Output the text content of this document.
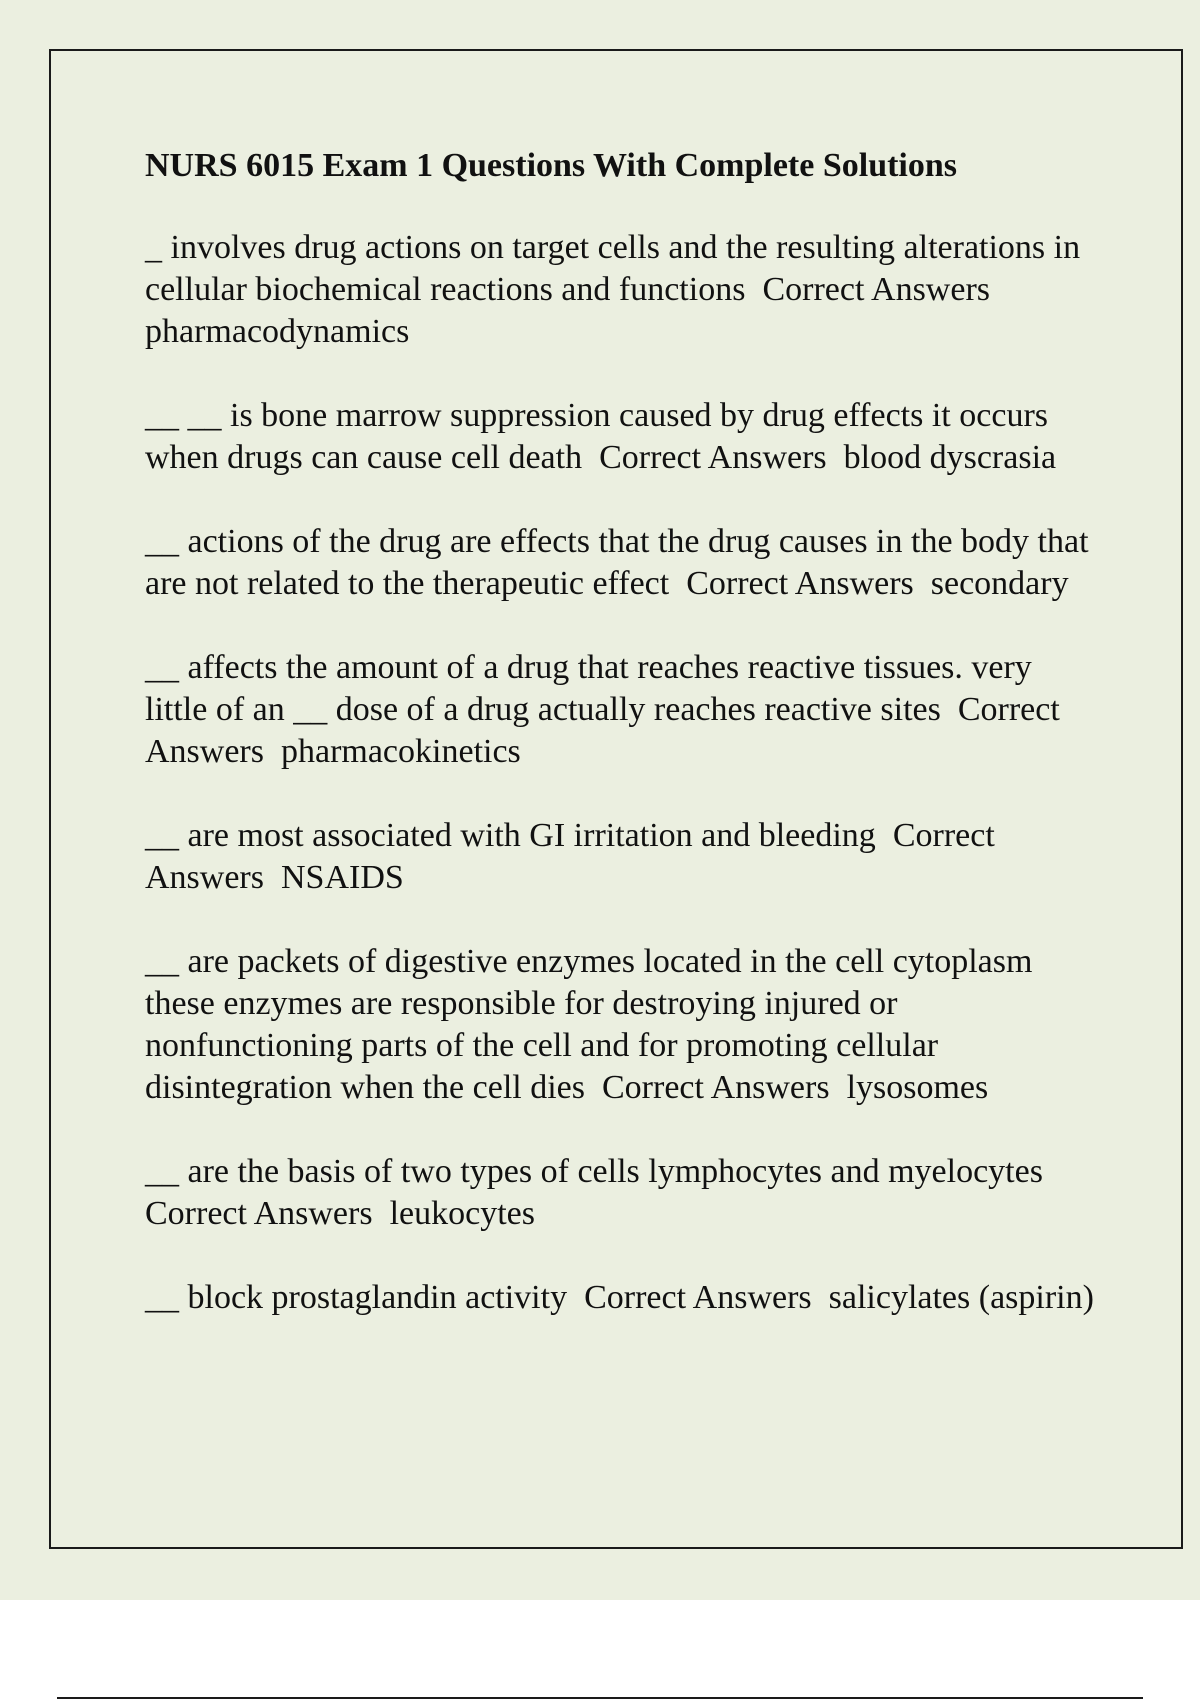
NURS 6015 Exam 1 Questions With Complete Solutions
_ involves drug actions on target cells and the resulting alterations in cellular biochemical reactions and functions Correct Answers  pharmacodynamics
__ __ is bone marrow suppression caused by drug effects it occurs when drugs can cause cell death Correct Answers blood dyscrasia
__ actions of the drug are effects that the drug causes in the body that are not related to the therapeutic effect Correct Answers secondary
__ affects the amount of a drug that reaches reactive tissues. very little of an __ dose of a drug actually reaches reactive sites Correct Answers pharmacokinetics
__ are most associated with GI irritation and bleeding Correct Answers NSAIDS
__ are packets of digestive enzymes located in the cell cytoplasm these enzymes are responsible for destroying injured or nonfunctioning parts of the cell and for promoting cellular disintegration when the cell dies Correct Answers lysosomes
__ are the basis of two types of cells lymphocytes and myelocytes  Correct Answers leukocytes
__ block prostaglandin activity Correct Answers salicylates (aspirin)
